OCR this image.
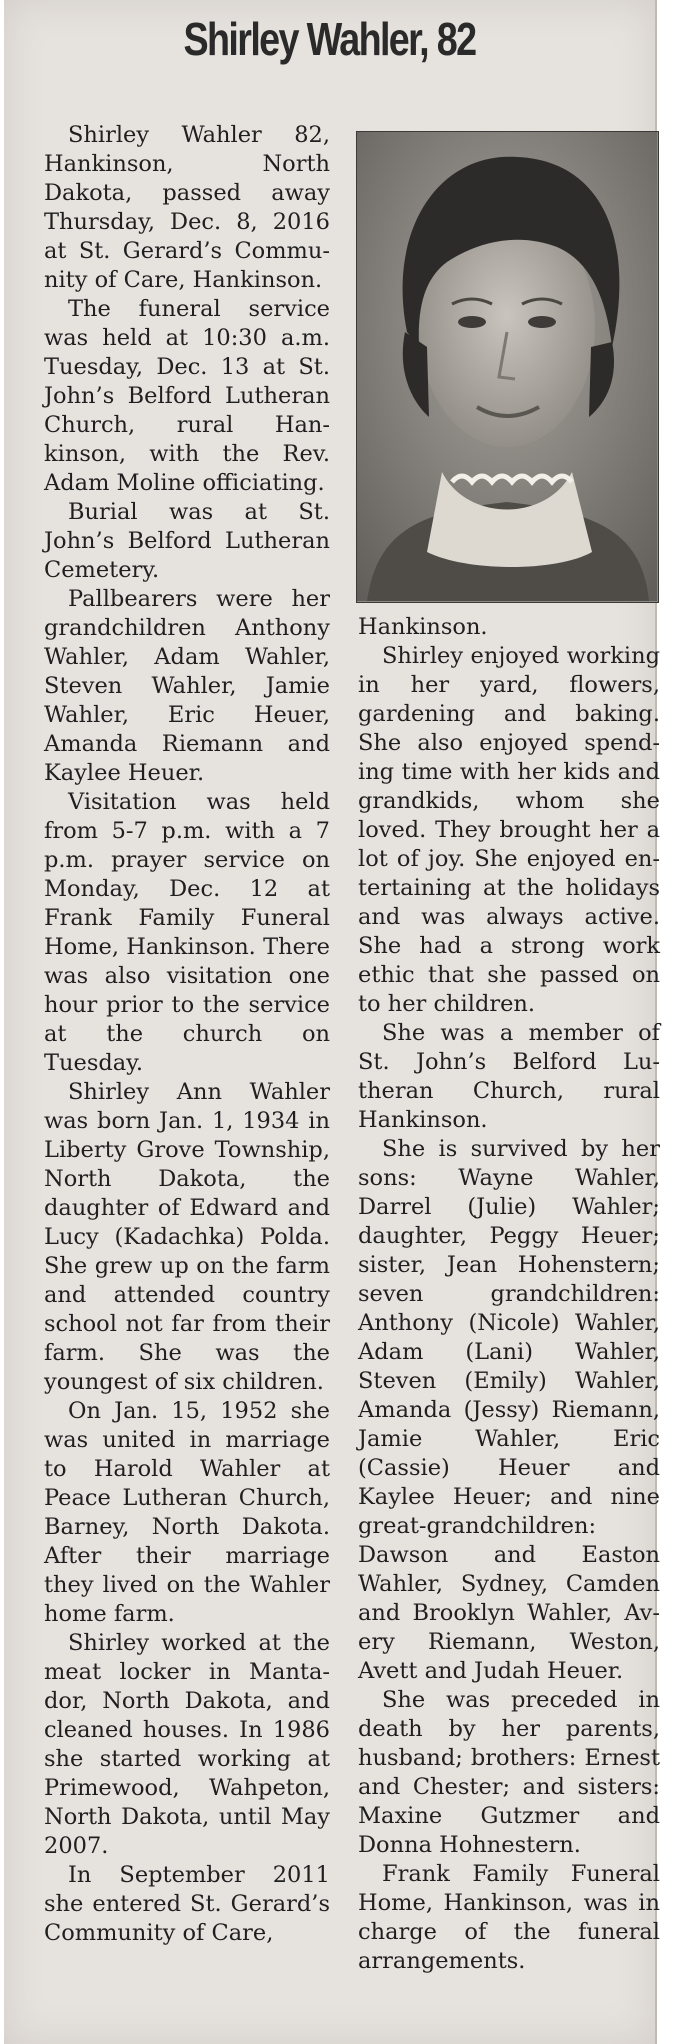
Shirley Wahler, 82

Shirley Wahler 82, Hankinson, North Dakota, passed away Thursday, Dec. 8, 2016 at St. Gerard’s Community of Care, Hankinson.

The funeral service was held at 10:30 a.m. Tuesday, Dec. 13 at St. John’s Belford Lutheran Church, rural Hankinson, with the Rev. Adam Moline officiating.

Burial was at St. John’s Belford Lutheran Cemetery.

Pallbearers were her grandchildren Anthony Wahler, Adam Wahler, Steven Wahler, Jamie Wahler, Eric Heuer, Amanda Riemann and Kaylee Heuer.

Visitation was held from 5-7 p.m. with a 7 p.m. prayer service on Monday, Dec. 12 at Frank Family Funeral Home, Hankinson. There was also visitation one hour prior to the service at the church on Tuesday.

Shirley Ann Wahler was born Jan. 1, 1934 in Liberty Grove Township, North Dakota, the daughter of Edward and Lucy (Kadachka) Polda. She grew up on the farm and attended country school not far from their farm. She was the youngest of six children.

On Jan. 15, 1952 she was united in marriage to Harold Wahler at Peace Lutheran Church, Barney, North Dakota. After their marriage they lived on the Wahler home farm.

Shirley worked at the meat locker in Mantador, North Dakota, and cleaned houses. In 1986 she started working at Primewood, Wahpeton, North Dakota, until May 2007.

In September 2011 she entered St. Gerard’s Community of Care,

Hankinson.

Shirley enjoyed working in her yard, flowers, gardening and baking. She also enjoyed spending time with her kids and grandkids, whom she loved. They brought her a lot of joy. She enjoyed entertaining at the holidays and was always active. She had a strong work ethic that she passed on to her children.

She was a member of St. John’s Belford Lutheran Church, rural Hankinson.

She is survived by her sons: Wayne Wahler, Darrel (Julie) Wahler; daughter, Peggy Heuer; sister, Jean Hohenstern; seven grandchildren: Anthony (Nicole) Wahler, Adam (Lani) Wahler, Steven (Emily) Wahler, Amanda (Jessy) Riemann, Jamie Wahler, Eric (Cassie) Heuer and Kaylee Heuer; and nine great-grandchildren: Dawson and Easton Wahler, Sydney, Camden and Brooklyn Wahler, Avery Riemann, Weston, Avett and Judah Heuer.

She was preceded in death by her parents, husband; brothers: Ernest and Chester; and sisters: Maxine Gutzmer and Donna Hohnestern.

Frank Family Funeral Home, Hankinson, was in charge of the funeral arrangements.
